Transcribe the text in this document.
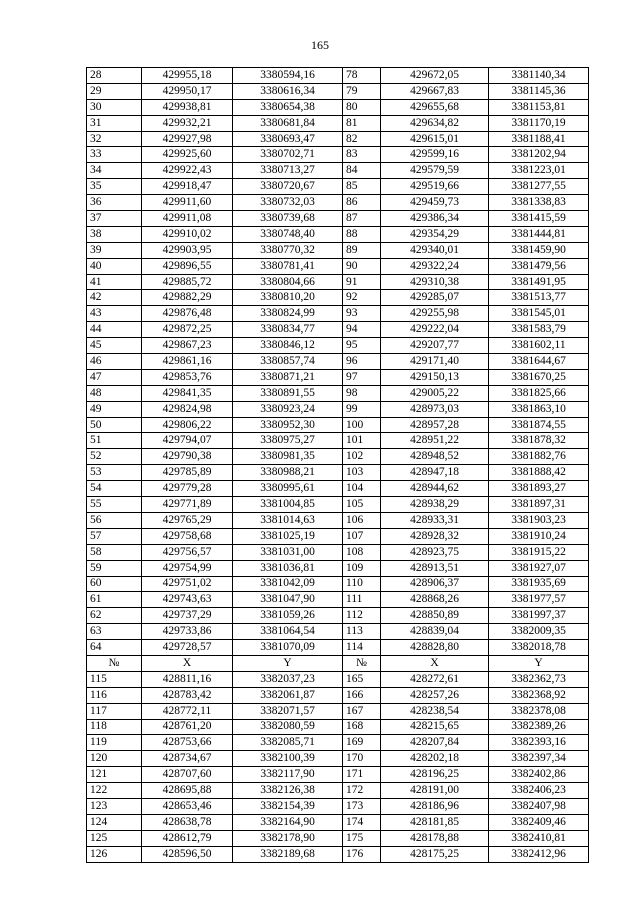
165
28	429955,18	3380594,16	78	429672,05	3381140,34
29	429950,17	3380616,34	79	429667,83	3381145,36
30	429938,81	3380654,38	80	429655,68	3381153,81
31	429932,21	3380681,84	81	429634,82	3381170,19
32	429927,98	3380693,47	82	429615,01	3381188,41
33	429925,60	3380702,71	83	429599,16	3381202,94
34	429922,43	3380713,27	84	429579,59	3381223,01
35	429918,47	3380720,67	85	429519,66	3381277,55
36	429911,60	3380732,03	86	429459,73	3381338,83
37	429911,08	3380739,68	87	429386,34	3381415,59
38	429910,02	3380748,40	88	429354,29	3381444,81
39	429903,95	3380770,32	89	429340,01	3381459,90
40	429896,55	3380781,41	90	429322,24	3381479,56
41	429885,72	3380804,66	91	429310,38	3381491,95
42	429882,29	3380810,20	92	429285,07	3381513,77
43	429876,48	3380824,99	93	429255,98	3381545,01
44	429872,25	3380834,77	94	429222,04	3381583,79
45	429867,23	3380846,12	95	429207,77	3381602,11
46	429861,16	3380857,74	96	429171,40	3381644,67
47	429853,76	3380871,21	97	429150,13	3381670,25
48	429841,35	3380891,55	98	429005,22	3381825,66
49	429824,98	3380923,24	99	428973,03	3381863,10
50	429806,22	3380952,30	100	428957,28	3381874,55
51	429794,07	3380975,27	101	428951,22	3381878,32
52	429790,38	3380981,35	102	428948,52	3381882,76
53	429785,89	3380988,21	103	428947,18	3381888,42
54	429779,28	3380995,61	104	428944,62	3381893,27
55	429771,89	3381004,85	105	428938,29	3381897,31
56	429765,29	3381014,63	106	428933,31	3381903,23
57	429758,68	3381025,19	107	428928,32	3381910,24
58	429756,57	3381031,00	108	428923,75	3381915,22
59	429754,99	3381036,81	109	428913,51	3381927,07
60	429751,02	3381042,09	110	428906,37	3381935,69
61	429743,63	3381047,90	111	428868,26	3381977,57
62	429737,29	3381059,26	112	428850,89	3381997,37
63	429733,86	3381064,54	113	428839,04	3382009,35
64	429728,57	3381070,09	114	428828,80	3382018,78
№	X	Y	№	X	Y
115	428811,16	3382037,23	165	428272,61	3382362,73
116	428783,42	3382061,87	166	428257,26	3382368,92
117	428772,11	3382071,57	167	428238,54	3382378,08
118	428761,20	3382080,59	168	428215,65	3382389,26
119	428753,66	3382085,71	169	428207,84	3382393,16
120	428734,67	3382100,39	170	428202,18	3382397,34
121	428707,60	3382117,90	171	428196,25	3382402,86
122	428695,88	3382126,38	172	428191,00	3382406,23
123	428653,46	3382154,39	173	428186,96	3382407,98
124	428638,78	3382164,90	174	428181,85	3382409,46
125	428612,79	3382178,90	175	428178,88	3382410,81
126	428596,50	3382189,68	176	428175,25	3382412,96
